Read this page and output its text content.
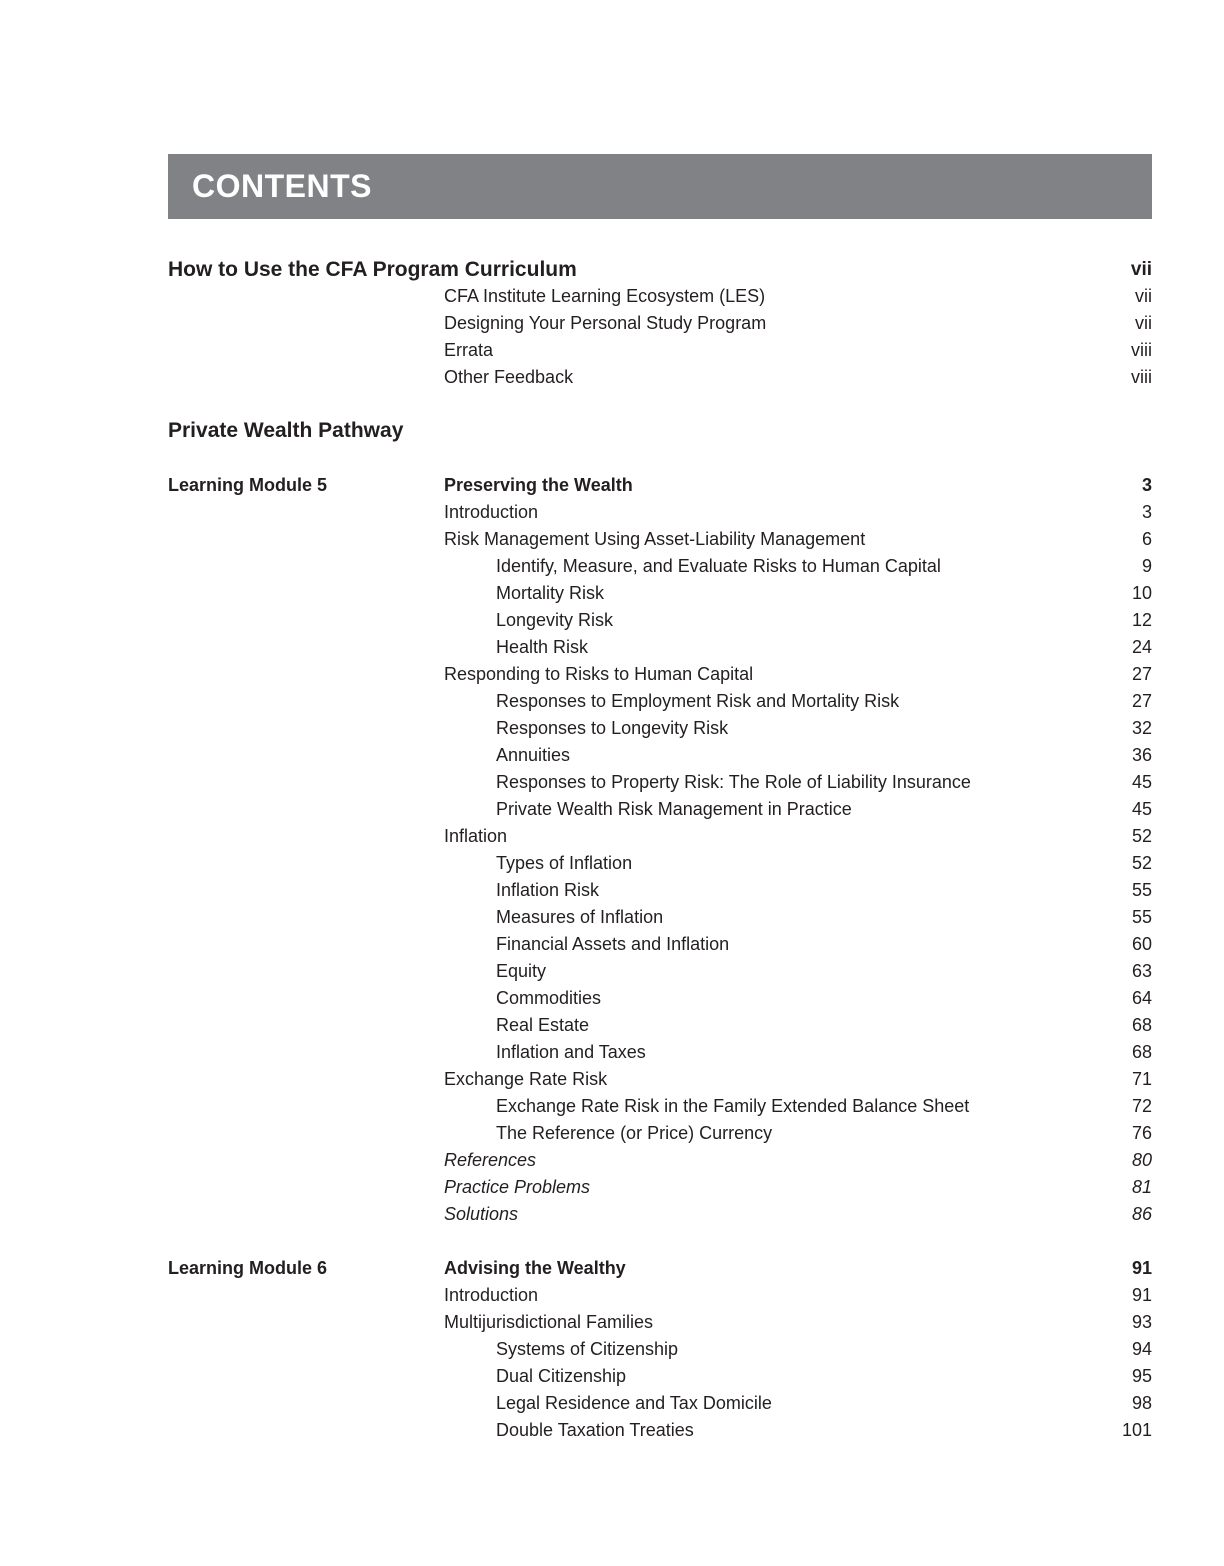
CONTENTS
How to Use the CFA Program Curriculum	vii
CFA Institute Learning Ecosystem (LES)	vii
Designing Your Personal Study Program	vii
Errata	viii
Other Feedback	viii
Private Wealth Pathway
Learning Module 5	Preserving the Wealth	3
Introduction	3
Risk Management Using Asset-Liability Management	6
Identify, Measure, and Evaluate Risks to Human Capital	9
Mortality Risk	10
Longevity Risk	12
Health Risk	24
Responding to Risks to Human Capital	27
Responses to Employment Risk and Mortality Risk	27
Responses to Longevity Risk	32
Annuities	36
Responses to Property Risk: The Role of Liability Insurance	45
Private Wealth Risk Management in Practice	45
Inflation	52
Types of Inflation	52
Inflation Risk	55
Measures of Inflation	55
Financial Assets and Inflation	60
Equity	63
Commodities	64
Real Estate	68
Inflation and Taxes	68
Exchange Rate Risk	71
Exchange Rate Risk in the Family Extended Balance Sheet	72
The Reference (or Price) Currency	76
References	80
Practice Problems	81
Solutions	86
Learning Module 6	Advising the Wealthy	91
Introduction	91
Multijurisdictional Families	93
Systems of Citizenship	94
Dual Citizenship	95
Legal Residence and Tax Domicile	98
Double Taxation Treaties	101
